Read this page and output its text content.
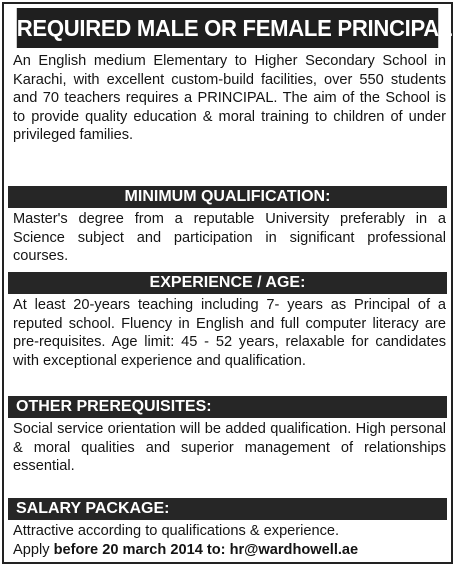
REQUIRED MALE OR FEMALE PRINCIPAL
An English medium Elementary to Higher Secondary School in Karachi, with excellent custom-build facilities, over 550 students and 70 teachers requires a PRINCIPAL. The aim of the School is to provide quality education & moral training to children of under privileged families.
MINIMUM QUALIFICATION:
Master's degree from a reputable University preferably in a Science subject and participation in significant professional courses.
EXPERIENCE / AGE:
At least 20-years teaching including 7- years as Principal of a reputed school. Fluency in English and full computer literacy are pre-requisites. Age limit: 45 - 52 years, relaxable for candidates with exceptional experience and qualification.
OTHER PREREQUISITES:
Social service orientation will be added qualification. High personal & moral qualities and superior management of relationships essential.
SALARY PACKAGE:
Attractive according to qualifications & experience.
Apply before 20 march 2014 to: hr@wardhowell.ae
